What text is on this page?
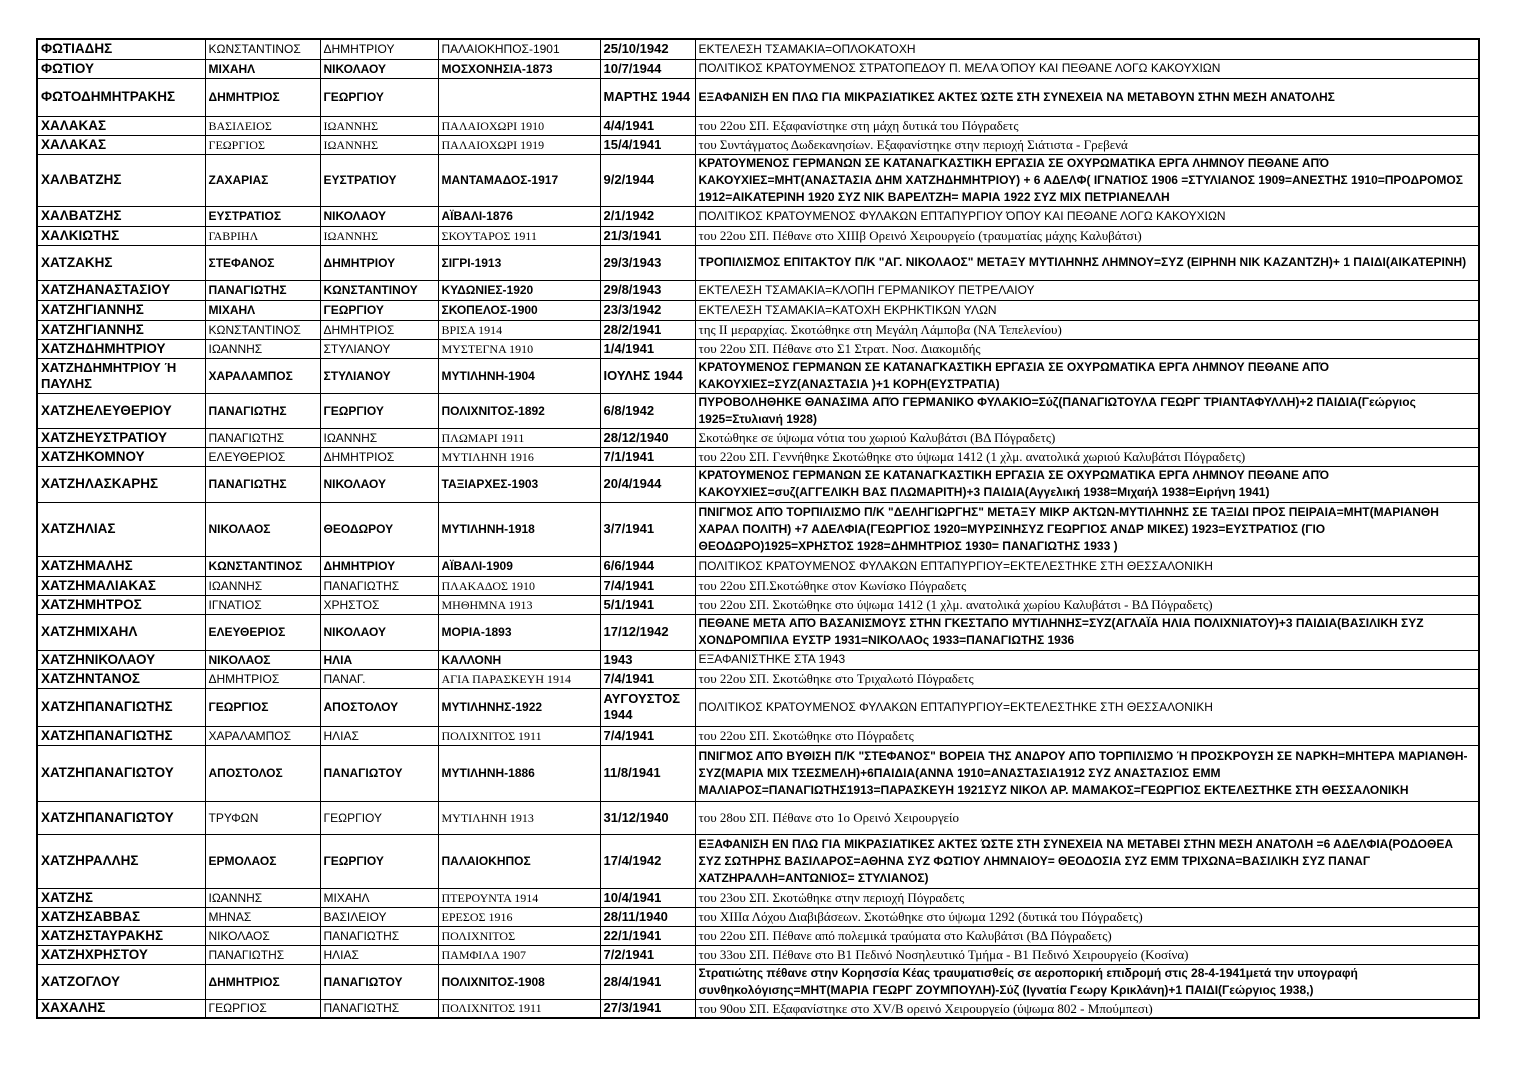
ΦΩΤΙΑΔΗΣ	ΚΩΝΣΤΑΝΤΙΝΟΣ	ΔΗΜΗΤΡΙΟΥ	ΠΑΛΑΙΟΚΗΠΟΣ-1901	25/10/1942	ΕΚΤΕΛΕΣΗ ΤΣΑΜΑΚΙΑ=ΟΠΛΟΚΑΤΟΧΗ
ΦΩΤΙΟΥ	ΜΙΧΑΗΛ	ΝΙΚΟΛΑΟΥ	ΜΟΣΧΟΝΗΣΙΑ-1873	10/7/1944	ΠΟΛΙΤΙΚΟΣ ΚΡΑΤΟΥΜΕΝΟΣ ΣΤΡΑΤΟΠΕΔΟΥ Π. ΜΕΛΑ ΌΠΟΥ ΚΑΙ ΠΕΘΑΝΕ ΛΟΓΩ ΚΑΚΟΥΧΙΩΝ
ΦΩΤΟΔΗΜΗΤΡΑΚΗΣ	ΔΗΜΗΤΡΙΟΣ	ΓΕΩΡΓΙΟΥ		ΜΑΡΤΗΣ 1944	ΕΞΑΦΑΝΙΣΗ ΕΝ ΠΛΩ ΓΙΑ ΜΙΚΡΑΣΙΑΤΙΚΕΣ ΑΚΤΕΣ ΏΣΤΕ ΣΤΗ ΣΥΝΕΧΕΙΑ ΝΑ ΜΕΤΑΒΟΥΝ ΣΤΗΝ ΜΕΣΗ ΑΝΑΤΟΛΗΣ
ΧΑΛΑΚΑΣ	ΒΑΣΙΛΕΙΟΣ	ΙΩΑΝΝΗΣ	ΠΑΛΑΙΟΧΩΡΙ 1910	4/4/1941	του 22ου ΣΠ. Εξαφανίστηκε στη μάχη δυτικά του Πόγραδετς
ΧΑΛΑΚΑΣ	ΓΕΩΡΓΙΟΣ	ΙΩΑΝΝΗΣ	ΠΑΛΑΙΟΧΩΡΙ 1919	15/4/1941	του Συντάγματος Δωδεκανησίων. Εξαφανίστηκε στην περιοχή Σιάτιστα - Γρεβενά
ΧΑΛΒΑΤΖΗΣ	ΖΑΧΑΡΙΑΣ	ΕΥΣΤΡΑΤΙΟΥ	ΜΑΝΤΑΜΑΔΟΣ-1917	9/2/1944	ΚΡΑΤΟΥΜΕΝΟΣ ΓΕΡΜΑΝΩΝ ΣΕ ΚΑΤΑΝΑΓΚΑΣΤΙΚΗ ΕΡΓΑΣΙΑ ΣΕ ΟΧΥΡΩΜΑΤΙΚΑ ΕΡΓΑ ΛΗΜΝΟΥ ΠΕΘΑΝΕ ΑΠΌ ΚΑΚΟΥΧΙΕΣ=ΜΗΤ(ΑΝΑΣΤΑΣΙΑ ΔΗΜ ΧΑΤΖΗΔΗΜΗΤΡΙΟΥ) + 6 ΑΔΕΛΦ( ΙΓΝΑΤΙΟΣ 1906 =ΣΤΥΛΙΑΝΟΣ 1909=ΑΝΕΣΤΗΣ 1910=ΠΡΟΔΡΟΜΟΣ 1912=ΑΙΚΑΤΕΡΙΝΗ 1920 ΣΥΖ ΝΙΚ ΒΑΡΕΛΤΖΗ= ΜΑΡΙΑ 1922 ΣΥΖ ΜΙΧ ΠΕΤΡΙΑΝΕΛΛΗ
ΧΑΛΒΑΤΖΗΣ	ΕΥΣΤΡΑΤΙΟΣ	ΝΙΚΟΛΑΟΥ	ΑΪΒΑΛΙ-1876	2/1/1942	ΠΟΛΙΤΙΚΟΣ ΚΡΑΤΟΥΜΕΝΟΣ ΦΥΛΑΚΩΝ ΕΠΤΑΠΥΡΓΙΟΥ ΌΠΟΥ ΚΑΙ ΠΕΘΑΝΕ ΛΟΓΩ ΚΑΚΟΥΧΙΩΝ
ΧΑΛΚΙΩΤΗΣ	ΓΑΒΡΙΗΛ	ΙΩΑΝΝΗΣ	ΣΚΟΥΤΑΡΟΣ 1911	21/3/1941	του 22ου ΣΠ. Πέθανε στο ΧΙΙΙβ Ορεινό Χειρουργείο (τραυματίας μάχης Καλυβάτσι)
ΧΑΤΖΑΚΗΣ	ΣΤΕΦΑΝΟΣ	ΔΗΜΗΤΡΙΟΥ	ΣΙΓΡΙ-1913	29/3/1943	ΤΡΟΠΙΛΙΣΜΟΣ ΕΠΙΤΑΚΤΟΥ Π/Κ "ΑΓ. ΝΙΚΟΛΑΟΣ" ΜΕΤΑΞΥ ΜΥΤΙΛΗΝΗΣ ΛΗΜΝΟΥ=ΣΥΖ (ΕΙΡΗΝΗ ΝΙΚ ΚΑΖΑΝΤΖΗ)+ 1 ΠΑΙΔΙ(ΑΙΚΑΤΕΡΙΝΗ)
ΧΑΤΖΗΑΝΑΣΤΑΣΙΟΥ	ΠΑΝΑΓΙΩΤΗΣ	ΚΩΝΣΤΑΝΤΙΝΟΥ	ΚΥΔΩΝΙΕΣ-1920	29/8/1943	ΕΚΤΕΛΕΣΗ ΤΣΑΜΑΚΙΑ=ΚΛΟΠΗ ΓΕΡΜΑΝΙΚΟΥ ΠΕΤΡΕΛΑΙΟΥ
ΧΑΤΖΗΓΙΑΝΝΗΣ	ΜΙΧΑΗΛ	ΓΕΩΡΓΙΟΥ	ΣΚΟΠΕΛΟΣ-1900	23/3/1942	ΕΚΤΕΛΕΣΗ ΤΣΑΜΑΚΙΑ=ΚΑΤΟΧΗ ΕΚΡΗΚΤΙΚΩΝ ΥΛΩΝ
ΧΑΤΖΗΓΙΑΝΝΗΣ	ΚΩΝΣΤΑΝΤΙΝΟΣ	ΔΗΜΗΤΡΙΟΣ	ΒΡΙΣΑ 1914	28/2/1941	της ΙΙ μεραρχίας. Σκοτώθηκε στη Μεγάλη Λάμποβα (ΝΑ Τεπελενίου)
ΧΑΤΖΗΔΗΜΗΤΡΙΟΥ	ΙΩΑΝΝΗΣ	ΣΤΥΛΙΑΝΟΥ	ΜΥΣΤΕΓΝΑ 1910	1/4/1941	του 22ου ΣΠ. Πέθανε στο Σ1 Στρατ. Νοσ. Διακομιδής
ΧΑΤΖΗΔΗΜΗΤΡΙΟΥ Ή ΠΑΥΛΗΣ	ΧΑΡΑΛΑΜΠΟΣ	ΣΤΥΛΙΑΝΟΥ	ΜΥΤΙΛΗΝΗ-1904	ΙΟΥΛΗΣ 1944	ΚΡΑΤΟΥΜΕΝΟΣ ΓΕΡΜΑΝΩΝ ΣΕ ΚΑΤΑΝΑΓΚΑΣΤΙΚΗ ΕΡΓΑΣΙΑ ΣΕ ΟΧΥΡΩΜΑΤΙΚΑ ΕΡΓΑ ΛΗΜΝΟΥ ΠΕΘΑΝΕ ΑΠΌ ΚΑΚΟΥΧΙΕΣ=ΣΥΖ(ΑΝΑΣΤΑΣΙΑ )+1 ΚΟΡΗ(ΕΥΣΤΡΑΤΙΑ)
ΧΑΤΖΗΕΛΕΥΘΕΡΙΟΥ	ΠΑΝΑΓΙΩΤΗΣ	ΓΕΩΡΓΙΟΥ	ΠΟΛΙΧΝΙΤΟΣ-1892	6/8/1942	ΠΥΡΟΒΟΛΗΘΗΚΕ ΘΑΝΑΣΙΜΑ ΑΠΌ ΓΕΡΜΑΝΙΚΟ ΦΥΛΑΚΙΟ=Σύζ(ΠΑΝΑΓΙΩΤΟΥΛΑ ΓΕΩΡΓ ΤΡΙΑΝΤΑΦΥΛΛΗ)+2 ΠΑΙΔΙΑ(Γεώργιος 1925=Στυλιανή 1928)
ΧΑΤΖΗΕΥΣΤΡΑΤΙΟΥ	ΠΑΝΑΓΙΩΤΗΣ	ΙΩΑΝΝΗΣ	ΠΛΩΜΑΡΙ 1911	28/12/1940	Σκοτώθηκε σε ύψωμα νότια του χωριού Καλυβάτσι (ΒΔ Πόγραδετς)
ΧΑΤΖΗΚΟΜΝΟΥ	ΕΛΕΥΘΕΡΙΟΣ	ΔΗΜΗΤΡΙΟΣ	ΜΥΤΙΛΗΝΗ 1916	7/1/1941	του 22ου ΣΠ. Γεννήθηκε Σκοτώθηκε στο ύψωμα 1412 (1 χλμ. ανατολικά χωριού Καλυβάτσι Πόγραδετς)
ΧΑΤΖΗΛΑΣΚΑΡΗΣ	ΠΑΝΑΓΙΩΤΗΣ	ΝΙΚΟΛΑΟΥ	ΤΑΞΙΑΡΧΕΣ-1903	20/4/1944	ΚΡΑΤΟΥΜΕΝΟΣ ΓΕΡΜΑΝΩΝ ΣΕ ΚΑΤΑΝΑΓΚΑΣΤΙΚΗ ΕΡΓΑΣΙΑ ΣΕ ΟΧΥΡΩΜΑΤΙΚΑ ΕΡΓΑ ΛΗΜΝΟΥ ΠΕΘΑΝΕ ΑΠΌ ΚΑΚΟΥΧΙΕΣ=συζ(ΑΓΓΕΛΙΚΗ ΒΑΣ ΠΛΩΜΑΡΙΤΗ)+3 ΠΑΙΔΙΑ(Αγγελική 1938=Μιχαήλ 1938=Ειρήνη 1941)
ΧΑΤΖΗΛΙΑΣ	ΝΙΚΟΛΑΟΣ	ΘΕΟΔΩΡΟΥ	ΜΥΤΙΛΗΝΗ-1918	3/7/1941	ΠΝΙΓΜΟΣ ΑΠΌ ΤΟΡΠΙΛΙΣΜΟ Π/Κ "ΔΕΛΗΓΙΩΡΓΗΣ" ΜΕΤΑΞΥ ΜΙΚΡ ΑΚΤΩΝ-ΜΥΤΙΛΗΝΗΣ ΣΕ ΤΑΞΙΔΙ ΠΡΟΣ ΠΕΙΡΑΙΑ=ΜΗΤ(ΜΑΡΙΑΝΘΗ ΧΑΡΑΛ ΠΟΛΙΤΗ) +7 ΑΔΕΛΦΙΑ(ΓΕΩΡΓΙΟΣ 1920=ΜΥΡΣΙΝΗΣΥΖ ΓΕΩΡΓΙΟΣ ΑΝΔΡ ΜΙΚΕΣ) 1923=ΕΥΣΤΡΑΤΙΟΣ (ΓΙΟ ΘΕΟΔΩΡΟ)1925=ΧΡΗΣΤΟΣ 1928=ΔΗΜΗΤΡΙΟΣ 1930= ΠΑΝΑΓΙΩΤΗΣ 1933 )
ΧΑΤΖΗΜΑΛΗΣ	ΚΩΝΣΤΑΝΤΙΝΟΣ	ΔΗΜΗΤΡΙΟΥ	ΑΪΒΑΛΙ-1909	6/6/1944	ΠΟΛΙΤΙΚΟΣ ΚΡΑΤΟΥΜΕΝΟΣ ΦΥΛΑΚΩΝ ΕΠΤΑΠΥΡΓΙΟΥ=ΕΚΤΕΛΕΣΤΗΚΕ ΣΤΗ ΘΕΣΣΑΛΟΝΙΚΗ
ΧΑΤΖΗΜΑΛΙΑΚΑΣ	ΙΩΑΝΝΗΣ	ΠΑΝΑΓΙΩΤΗΣ	ΠΛΑΚΑΔΟΣ 1910	7/4/1941	του 22ου ΣΠ.Σκοτώθηκε στον Κωνίσκο Πόγραδετς
ΧΑΤΖΗΜΗΤΡΟΣ	ΙΓΝΑΤΙΟΣ	ΧΡΗΣΤΟΣ	ΜΗΘΗΜΝΑ 1913	5/1/1941	του 22ου ΣΠ. Σκοτώθηκε στο ύψωμα 1412 (1 χλμ. ανατολικά χωρίου Καλυβάτσι - ΒΔ Πόγραδετς)
ΧΑΤΖΗΜΙΧΑΗΛ	ΕΛΕΥΘΕΡΙΟΣ	ΝΙΚΟΛΑΟΥ	ΜΟΡΙΑ-1893	17/12/1942	ΠΕΘΑΝΕ ΜΕΤΑ ΑΠΌ ΒΑΣΑΝΙΣΜΟΥΣ ΣΤΗΝ ΓΚΕΣΤΑΠΟ ΜΥΤΙΛΗΝΗΣ=ΣΥΖ(ΑΓΛΑΪΑ ΗΛΙΑ ΠΟΛΙΧΝΙΑΤΟΥ)+3 ΠΑΙΔΙΑ(ΒΑΣΙΛΙΚΗ ΣΥΖ ΧΟΝΔΡΟΜΠΙΛΑ ΕΥΣΤΡ 1931=ΝΙΚΟΛΑΟς 1933=ΠΑΝΑΓΙΩΤΗΣ 1936
ΧΑΤΖΗΝΙΚΟΛΑΟΥ	ΝΙΚΟΛΑΟΣ	ΗΛΙΑ	ΚΑΛΛΟΝΗ	1943	ΕΞΑΦΑΝΙΣΤΗΚΕ ΣΤΑ 1943
ΧΑΤΖΗΝΤΑΝΟΣ	ΔΗΜΗΤΡΙΟΣ	ΠΑΝΑΓ.	ΑΓΙΑ ΠΑΡΑΣΚΕΥΗ 1914	7/4/1941	του 22ου ΣΠ. Σκοτώθηκε στο Τριχαλωτό Πόγραδετς
ΧΑΤΖΗΠΑΝΑΓΙΩΤΗΣ	ΓΕΩΡΓΙΟΣ	ΑΠΟΣΤΟΛΟΥ	ΜΥΤΙΛΗΝΗΣ-1922	ΑΥΓΟΥΣΤΟΣ 1944	ΠΟΛΙΤΙΚΟΣ ΚΡΑΤΟΥΜΕΝΟΣ ΦΥΛΑΚΩΝ ΕΠΤΑΠΥΡΓΙΟΥ=ΕΚΤΕΛΕΣΤΗΚΕ ΣΤΗ ΘΕΣΣΑΛΟΝΙΚΗ
ΧΑΤΖΗΠΑΝΑΓΙΩΤΗΣ	ΧΑΡΑΛΑΜΠΟΣ	ΗΛΙΑΣ	ΠΟΛΙΧΝΙΤΟΣ 1911	7/4/1941	του 22ου ΣΠ. Σκοτώθηκε στο Πόγραδετς
ΧΑΤΖΗΠΑΝΑΓΙΩΤΟΥ	ΑΠΟΣΤΟΛΟΣ	ΠΑΝΑΓΙΩΤΟΥ	ΜΥΤΙΛΗΝΗ-1886	11/8/1941	ΠΝΙΓΜΟΣ ΑΠΌ ΒΥΘΙΣΗ Π/Κ "ΣΤΕΦΑΝΟΣ" ΒΟΡΕΙΑ ΤΗΣ ΑΝΔΡΟΥ ΑΠΌ ΤΟΡΠΙΛΙΣΜΟ Ή ΠΡΟΣΚΡΟΥΣΗ ΣΕ ΝΑΡΚΗ=ΜΗΤΕΡΑ ΜΑΡΙΑΝΘΗ-ΣΥΖ(ΜΑΡΙΑ ΜΙΧ ΤΣΕΣΜΕΛΗ)+6ΠΑΙΔΙΑ(ΑΝΝΑ 1910=ΑΝΑΣΤΑΣΙΑ1912 ΣΥΖ ΑΝΑΣΤΑΣΙΟΣ ΕΜΜ ΜΑΛΙΑΡΟΣ=ΠΑΝΑΓΙΩΤΗΣ1913=ΠΑΡΑΣΚΕΥΗ 1921ΣΥΖ ΝΙΚΟΛ ΑΡ. ΜΑΜΑΚΟΣ=ΓΕΩΡΓΙΟΣ ΕΚΤΕΛΕΣΤΗΚΕ ΣΤΗ ΘΕΣΣΑΛΟΝΙΚΗ
ΧΑΤΖΗΠΑΝΑΓΙΩΤΟΥ	ΤΡΥΦΩΝ	ΓΕΩΡΓΙΟΥ	ΜΥΤΙΛΗΝΗ 1913	31/12/1940	του 28ου ΣΠ. Πέθανε στο 1ο Ορεινό Χειρουργείο
ΧΑΤΖΗΡΑΛΛΗΣ	ΕΡΜΟΛΑΟΣ	ΓΕΩΡΓΙΟΥ	ΠΑΛΑΙΟΚΗΠΟΣ	17/4/1942	ΕΞΑΦΑΝΙΣΗ ΕΝ ΠΛΩ ΓΙΑ ΜΙΚΡΑΣΙΑΤΙΚΕΣ ΑΚΤΕΣ ΏΣΤΕ ΣΤΗ ΣΥΝΕΧΕΙΑ ΝΑ ΜΕΤΑΒΕΙ ΣΤΗΝ ΜΕΣΗ ΑΝΑΤΟΛΗ =6 ΑΔΕΛΦΙΑ(ΡΟΔΟΘΕΑ ΣΥΖ ΣΩΤΗΡΗΣ ΒΑΣΙΛΑΡΟΣ=ΑΘΗΝΑ ΣΥΖ ΦΩΤΙΟΥ ΛΗΜΝΑΙΟΥ= ΘΕΟΔΟΣΙΑ ΣΥΖ ΕΜΜ ΤΡΙΧΩΝΑ=ΒΑΣΙΛΙΚΗ ΣΥΖ ΠΑΝΑΓ ΧΑΤΖΗΡΑΛΛΗ=ΑΝΤΩΝΙΟΣ= ΣΤΥΛΙΑΝΟΣ)
ΧΑΤΖΗΣ	ΙΩΑΝΝΗΣ	ΜΙΧΑΗΛ	ΠΤΕΡΟΥΝΤΑ 1914	10/4/1941	του 23ου ΣΠ. Σκοτώθηκε στην περιοχή Πόγραδετς
ΧΑΤΖΗΣΑΒΒΑΣ	ΜΗΝΑΣ	ΒΑΣΙΛΕΙΟΥ	ΕΡΕΣΟΣ 1916	28/11/1940	του ΧΙΙΙα Λόχου Διαβιβάσεων. Σκοτώθηκε στο ύψωμα 1292 (δυτικά του Πόγραδετς)
ΧΑΤΖΗΣΤΑΥΡΑΚΗΣ	ΝΙΚΟΛΑΟΣ	ΠΑΝΑΓΙΩΤΗΣ	ΠΟΛΙΧΝΙΤΟΣ	22/1/1941	του 22ου ΣΠ. Πέθανε από πολεμικά τραύματα στο Καλυβάτσι (ΒΔ Πόγραδετς)
ΧΑΤΖΗΧΡΗΣΤΟΥ	ΠΑΝΑΓΙΩΤΗΣ	ΗΛΙΑΣ	ΠΑΜΦΙΛΑ 1907	7/2/1941	του 33ου ΣΠ. Πέθανε στο Β1 Πεδινό Νοσηλευτικό Τμήμα - Β1 Πεδινό Χειρουργείο (Κοσίνα)
ΧΑΤΖΟΓΛΟΥ	ΔΗΜΗΤΡΙΟΣ	ΠΑΝΑΓΙΩΤΟΥ	ΠΟΛΙΧΝΙΤΟΣ-1908	28/4/1941	Στρατιώτης πέθανε στην Κορησσία Κέας τραυματισθείς σε αεροπορική επιδρομή στις 28-4-1941μετά την υπογραφή συνθηκολόγισης=ΜΗΤ(ΜΑΡΙΑ ΓΕΩΡΓ ΖΟΥΜΠΟΥΛΗ)-Σύζ (Ιγνατία Γεωργ Κρικλάνη)+1 ΠΑΙΔΙ(Γεώργιος 1938,)
ΧΑΧΑΛΗΣ	ΓΕΩΡΓΙΟΣ	ΠΑΝΑΓΙΩΤΗΣ	ΠΟΛΙΧΝΙΤΟΣ 1911	27/3/1941	του 90ου ΣΠ. Εξαφανίστηκε στο ΧV/B ορεινό Χειρουργείο (ύψωμα 802 - Μπούμπεσι)
